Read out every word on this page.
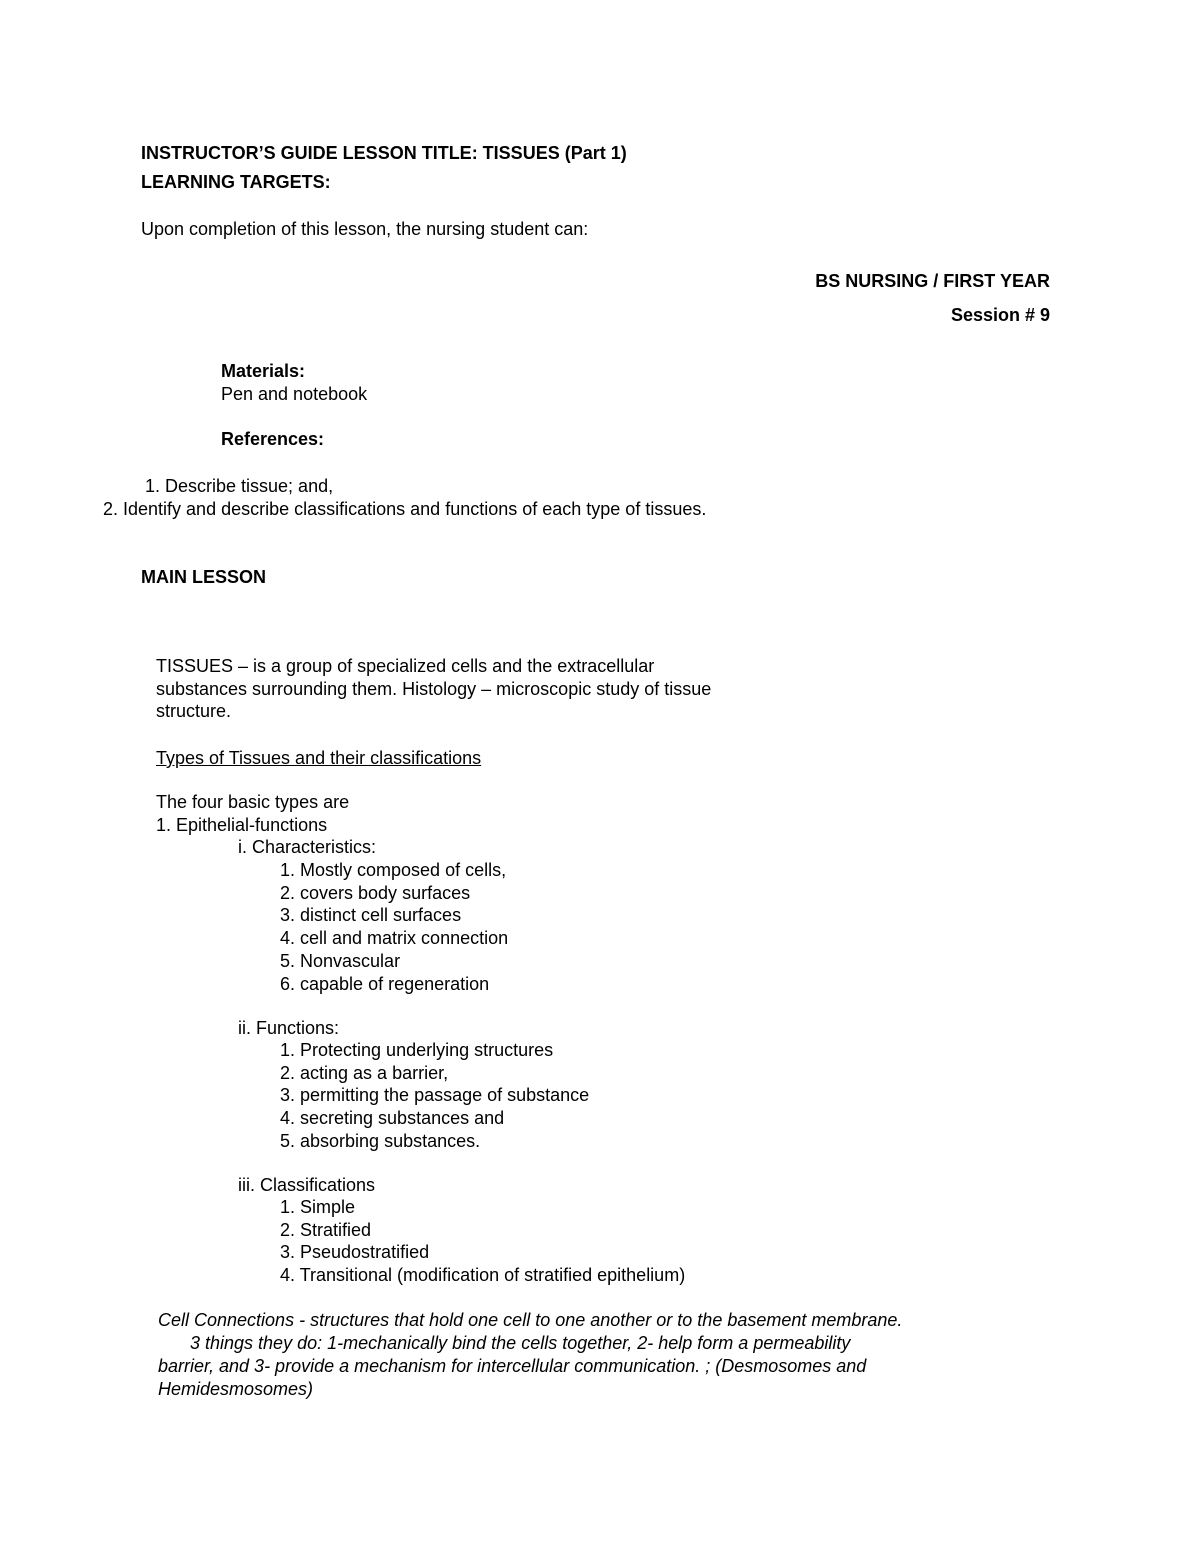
INSTRUCTOR’S GUIDE LESSON TITLE: TISSUES (Part 1)
LEARNING TARGETS:
Upon completion of this lesson, the nursing student can:
BS NURSING / FIRST YEAR
Session # 9
Materials:
Pen and notebook
References:
1. Describe tissue; and,
2. Identify and describe classifications and functions of each type of tissues.
MAIN LESSON
TISSUES – is a group of specialized cells and the extracellular
substances surrounding them. Histology – microscopic study of tissue
structure.
Types of Tissues and their classifications
The four basic types are
1. Epithelial-functions
i. Characteristics:
1. Mostly composed of cells,
2. covers body surfaces
3. distinct cell surfaces
4. cell and matrix connection
5. Nonvascular
6. capable of regeneration
ii. Functions:
1. Protecting underlying structures
2. acting as a barrier,
3. permitting the passage of substance
4. secreting substances and
5. absorbing substances.
iii. Classifications
1. Simple
2. Stratified
3. Pseudostratified
4. Transitional (modification of stratified epithelium)
Cell Connections - structures that hold one cell to one another or to the basement membrane.
3 things they do: 1-mechanically bind the cells together, 2- help form a permeability
barrier, and 3- provide a mechanism for intercellular communication. ; (Desmosomes and
Hemidesmosomes)
